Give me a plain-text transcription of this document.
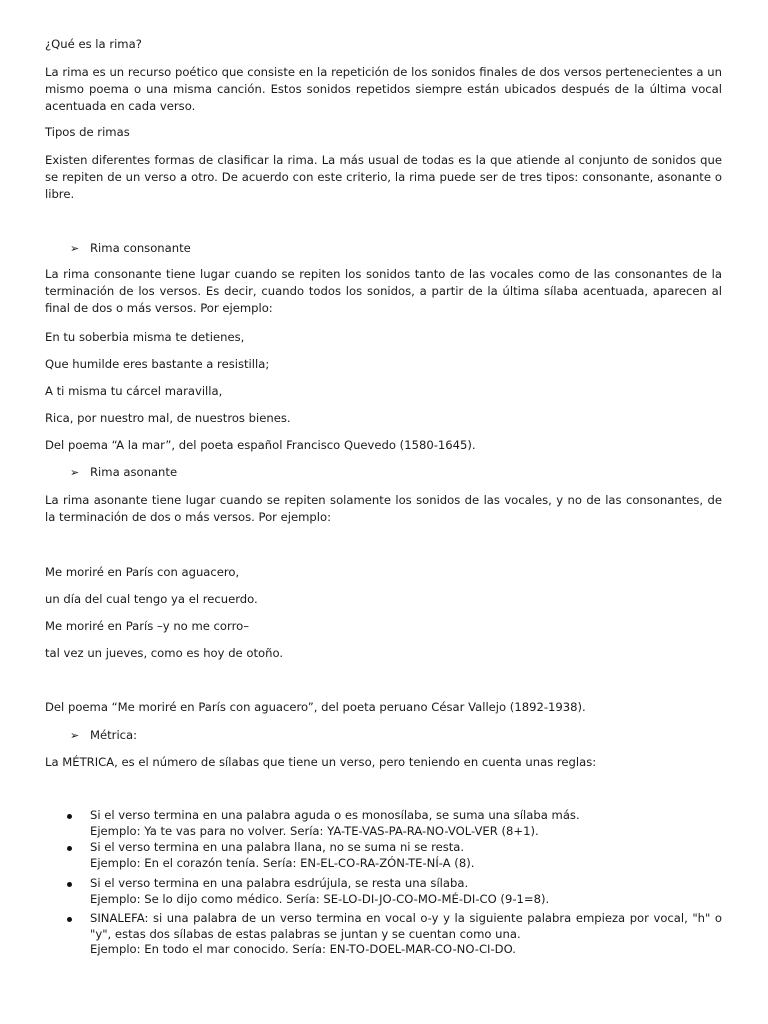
¿Qué es la rima?
La rima es un recurso poético que consiste en la repetición de los sonidos finales de dos versos pertenecientes a un mismo poema o una misma canción. Estos sonidos repetidos siempre están ubicados después de la última vocal acentuada en cada verso.
Tipos de rimas
Existen diferentes formas de clasificar la rima. La más usual de todas es la que atiende al conjunto de sonidos que se repiten de un verso a otro. De acuerdo con este criterio, la rima puede ser de tres tipos: consonante, asonante o libre.
➢ Rima consonante
La rima consonante tiene lugar cuando se repiten los sonidos tanto de las vocales como de las consonantes de la terminación de los versos. Es decir, cuando todos los sonidos, a partir de la última sílaba acentuada, aparecen al final de dos o más versos. Por ejemplo:
En tu soberbia misma te detienes,
Que humilde eres bastante a resistilla;
A ti misma tu cárcel maravilla,
Rica, por nuestro mal, de nuestros bienes.
Del poema “A la mar”, del poeta español Francisco Quevedo (1580-1645).
➢ Rima asonante
La rima asonante tiene lugar cuando se repiten solamente los sonidos de las vocales, y no de las consonantes, de la terminación de dos o más versos. Por ejemplo:
Me moriré en París con aguacero,
un día del cual tengo ya el recuerdo.
Me moriré en París –y no me corro–
tal vez un jueves, como es hoy de otoño.
Del poema “Me moriré en París con aguacero”, del poeta peruano César Vallejo (1892-1938).
➢ Métrica:
La MÉTRICA, es el número de sílabas que tiene un verso, pero teniendo en cuenta unas reglas:
Si el verso termina en una palabra aguda o es monosílaba, se suma una sílaba más.
Ejemplo: Ya te vas para no volver. Sería: YA-TE-VAS-PA-RA-NO-VOL-VER (8+1).
Si el verso termina en una palabra llana, no se suma ni se resta.
Ejemplo: En el corazón tenía. Sería: EN-EL-CO-RA-ZÓN-TE-NÍ-A (8).
Si el verso termina en una palabra esdrújula, se resta una sílaba.
Ejemplo: Se lo dijo como médico. Sería: SE-LO-DI-JO-CO-MO-MÉ-DI-CO (9-1=8).
SINALEFA: si una palabra de un verso termina en vocal o-y y la siguiente palabra empieza por vocal, "h" o "y", estas dos sílabas de estas palabras se juntan y se cuentan como una.
Ejemplo: En todo el mar conocido. Sería: EN-TO-DOEL-MAR-CO-NO-CI-DO.
